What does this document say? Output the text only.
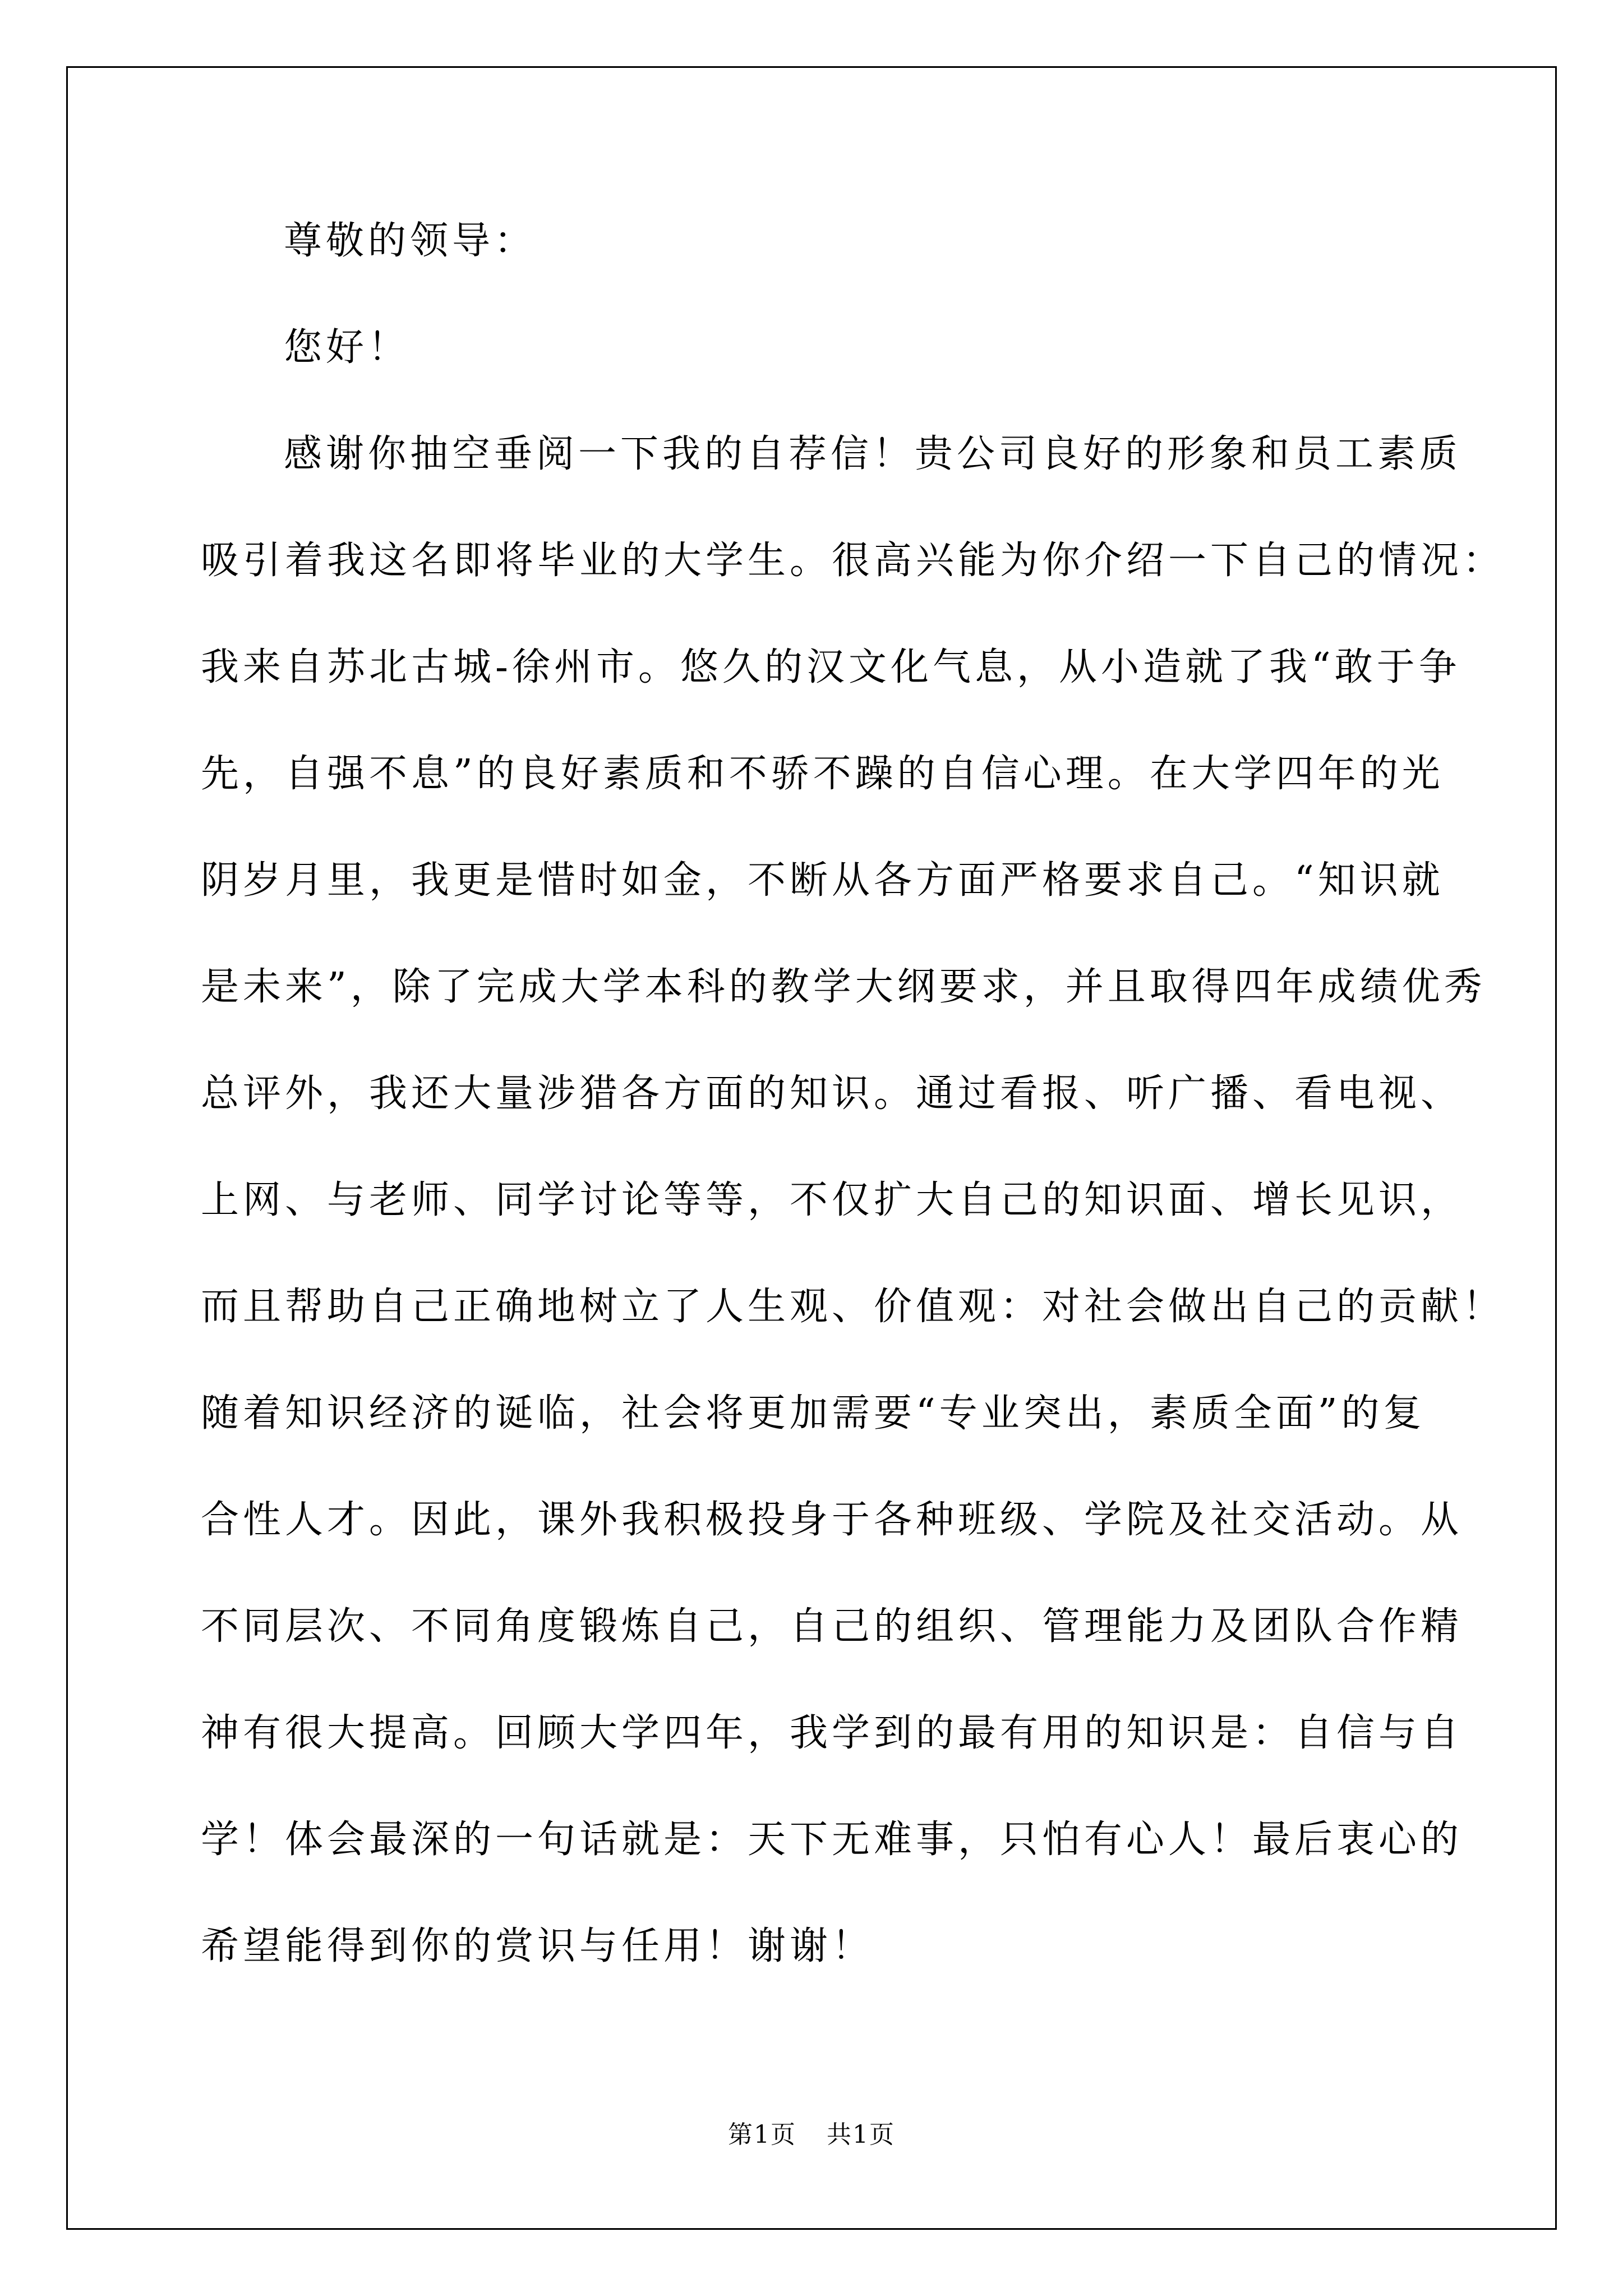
尊敬的领导：
您好！
感谢你抽空垂阅一下我的自荐信！贵公司良好的形象和员工素质
吸引着我这名即将毕业的大学生。很高兴能为你介绍一下自己的情况：
我来自苏北古城-徐州市。悠久的汉文化气息，从小造就了我“敢于争
先，自强不息”的良好素质和不骄不躁的自信心理。在大学四年的光
阴岁月里，我更是惜时如金，不断从各方面严格要求自己。“知识就
是未来”，除了完成大学本科的教学大纲要求，并且取得四年成绩优秀
总评外，我还大量涉猎各方面的知识。通过看报、听广播、看电视、
上网、与老师、同学讨论等等，不仅扩大自己的知识面、增长见识，
而且帮助自己正确地树立了人生观、价值观：对社会做出自己的贡献！
随着知识经济的诞临，社会将更加需要“专业突出，素质全面”的复
合性人才。因此，课外我积极投身于各种班级、学院及社交活动。从
不同层次、不同角度锻炼自己，自己的组织、管理能力及团队合作精
神有很大提高。回顾大学四年，我学到的最有用的知识是：自信与自
学！体会最深的一句话就是：天下无难事，只怕有心人！最后衷心的
希望能得到你的赏识与任用！谢谢！
第1页 共1页
